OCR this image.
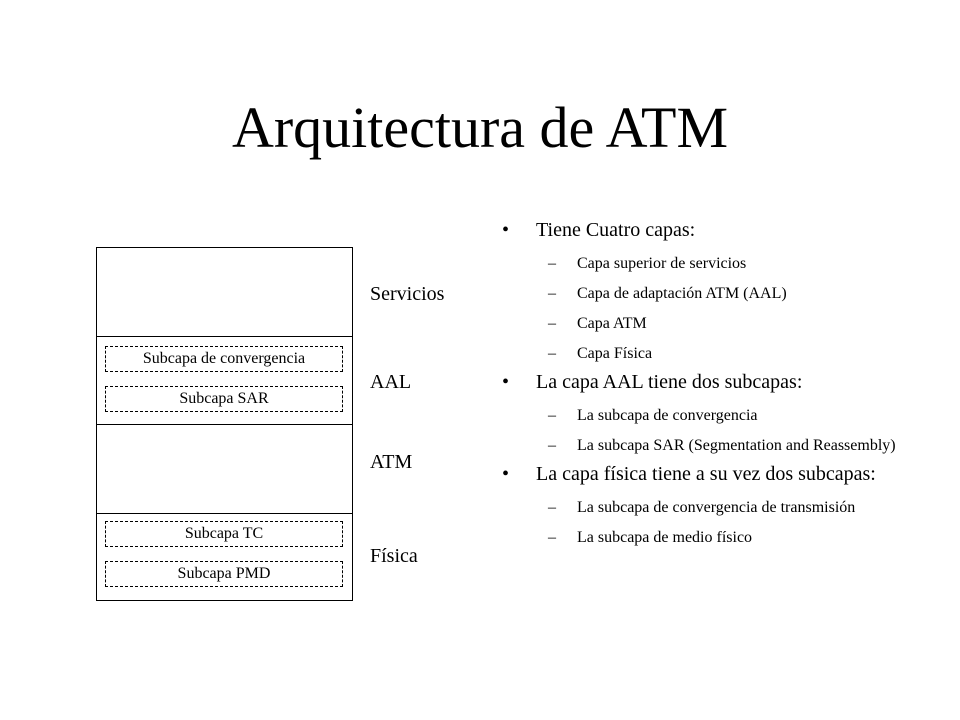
Arquitectura de ATM
Subcapa de convergencia
Subcapa SAR
Subcapa TC
Subcapa PMD
Servicios
AAL
ATM
Física
• Tiene Cuatro capas:
– Capa superior de servicios
– Capa de adaptación ATM (AAL)
– Capa ATM
– Capa Física
• La capa AAL tiene dos subcapas:
– La subcapa de convergencia
– La subcapa SAR (Segmentation and Reassembly)
• La capa física tiene a su vez dos subcapas:
– La subcapa de convergencia de transmisión
– La subcapa de medio físico
